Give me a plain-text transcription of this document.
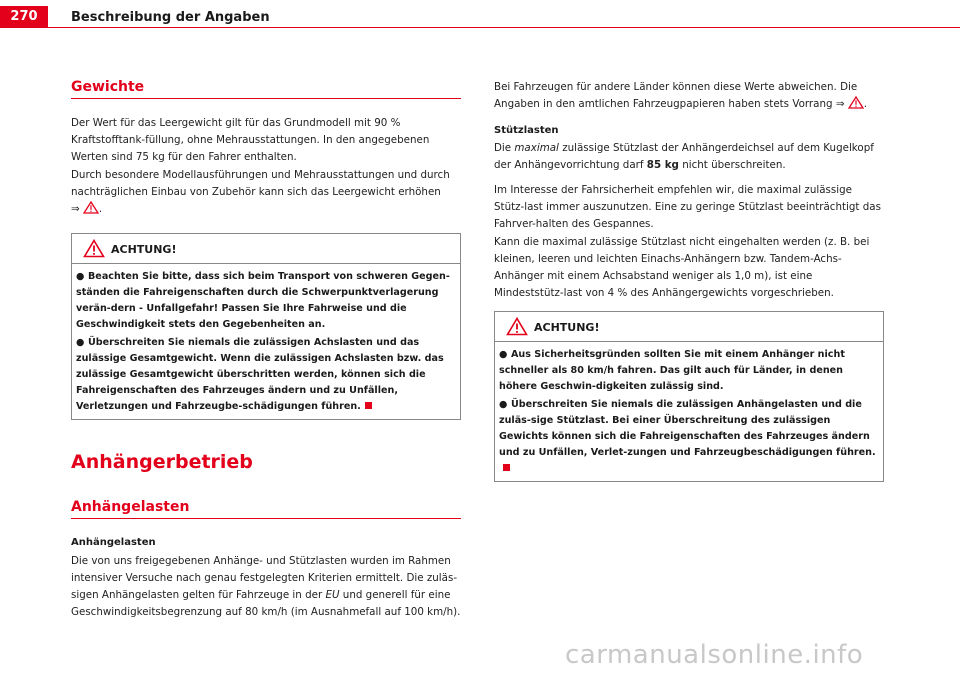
270	Beschreibung der Angaben
Gewichte
Der Wert für das Leergewicht gilt für das Grundmodell mit 90 % Kraftstofftank-füllung, ohne Mehrausstattungen. In den angegebenen Werten sind 75 kg für den Fahrer enthalten.
Durch besondere Modellausführungen und Mehrausstattungen und durch nachträglichen Einbau von Zubehör kann sich das Leergewicht erhöhen
⇒ .
ACHTUNG!
● Beachten Sie bitte, dass sich beim Transport von schweren Gegen-ständen die Fahreigenschaften durch die Schwerpunktverlagerung verän-dern - Unfallgefahr! Passen Sie Ihre Fahrweise und die Geschwindigkeit stets den Gegebenheiten an.
● Überschreiten Sie niemals die zulässigen Achslasten und das zulässige Gesamtgewicht. Wenn die zulässigen Achslasten bzw. das zulässige Gesamtgewicht überschritten werden, können sich die Fahreigenschaften des Fahrzeuges ändern und zu Unfällen, Verletzungen und Fahrzeugbe-schädigungen führen.
Anhängerbetrieb
Anhängelasten
Anhängelasten
Die von uns freigegebenen Anhänge- und Stützlasten wurden im Rahmen intensiver Versuche nach genau festgelegten Kriterien ermittelt. Die zuläs-sigen Anhängelasten gelten für Fahrzeuge in der EU und generell für eine Geschwindigkeitsbegrenzung auf 80 km/h (im Ausnahmefall auf 100 km/h).
Bei Fahrzeugen für andere Länder können diese Werte abweichen. Die Angaben in den amtlichen Fahrzeugpapieren haben stets Vorrang ⇒ .
Stützlasten
Die maximal zulässige Stützlast der Anhängerdeichsel auf dem Kugelkopf der Anhängevorrichtung darf 85 kg nicht überschreiten.
Im Interesse der Fahrsicherheit empfehlen wir, die maximal zulässige Stütz-last immer auszunutzen. Eine zu geringe Stützlast beeinträchtigt das Fahrver-halten des Gespannes.
Kann die maximal zulässige Stützlast nicht eingehalten werden (z. B. bei kleinen, leeren und leichten Einachs-Anhängern bzw. Tandem-Achs-Anhänger mit einem Achsabstand weniger als 1,0 m), ist eine Mindeststütz-last von 4 % des Anhängergewichts vorgeschrieben.
ACHTUNG!
● Aus Sicherheitsgründen sollten Sie mit einem Anhänger nicht schneller als 80 km/h fahren. Das gilt auch für Länder, in denen höhere Geschwin-digkeiten zulässig sind.
● Überschreiten Sie niemals die zulässigen Anhängelasten und die zuläs-sige Stützlast. Bei einer Überschreitung des zulässigen Gewichts können sich die Fahreigenschaften des Fahrzeuges ändern und zu Unfällen, Verlet-zungen und Fahrzeugbeschädigungen führen.
carmanualsonline.info
